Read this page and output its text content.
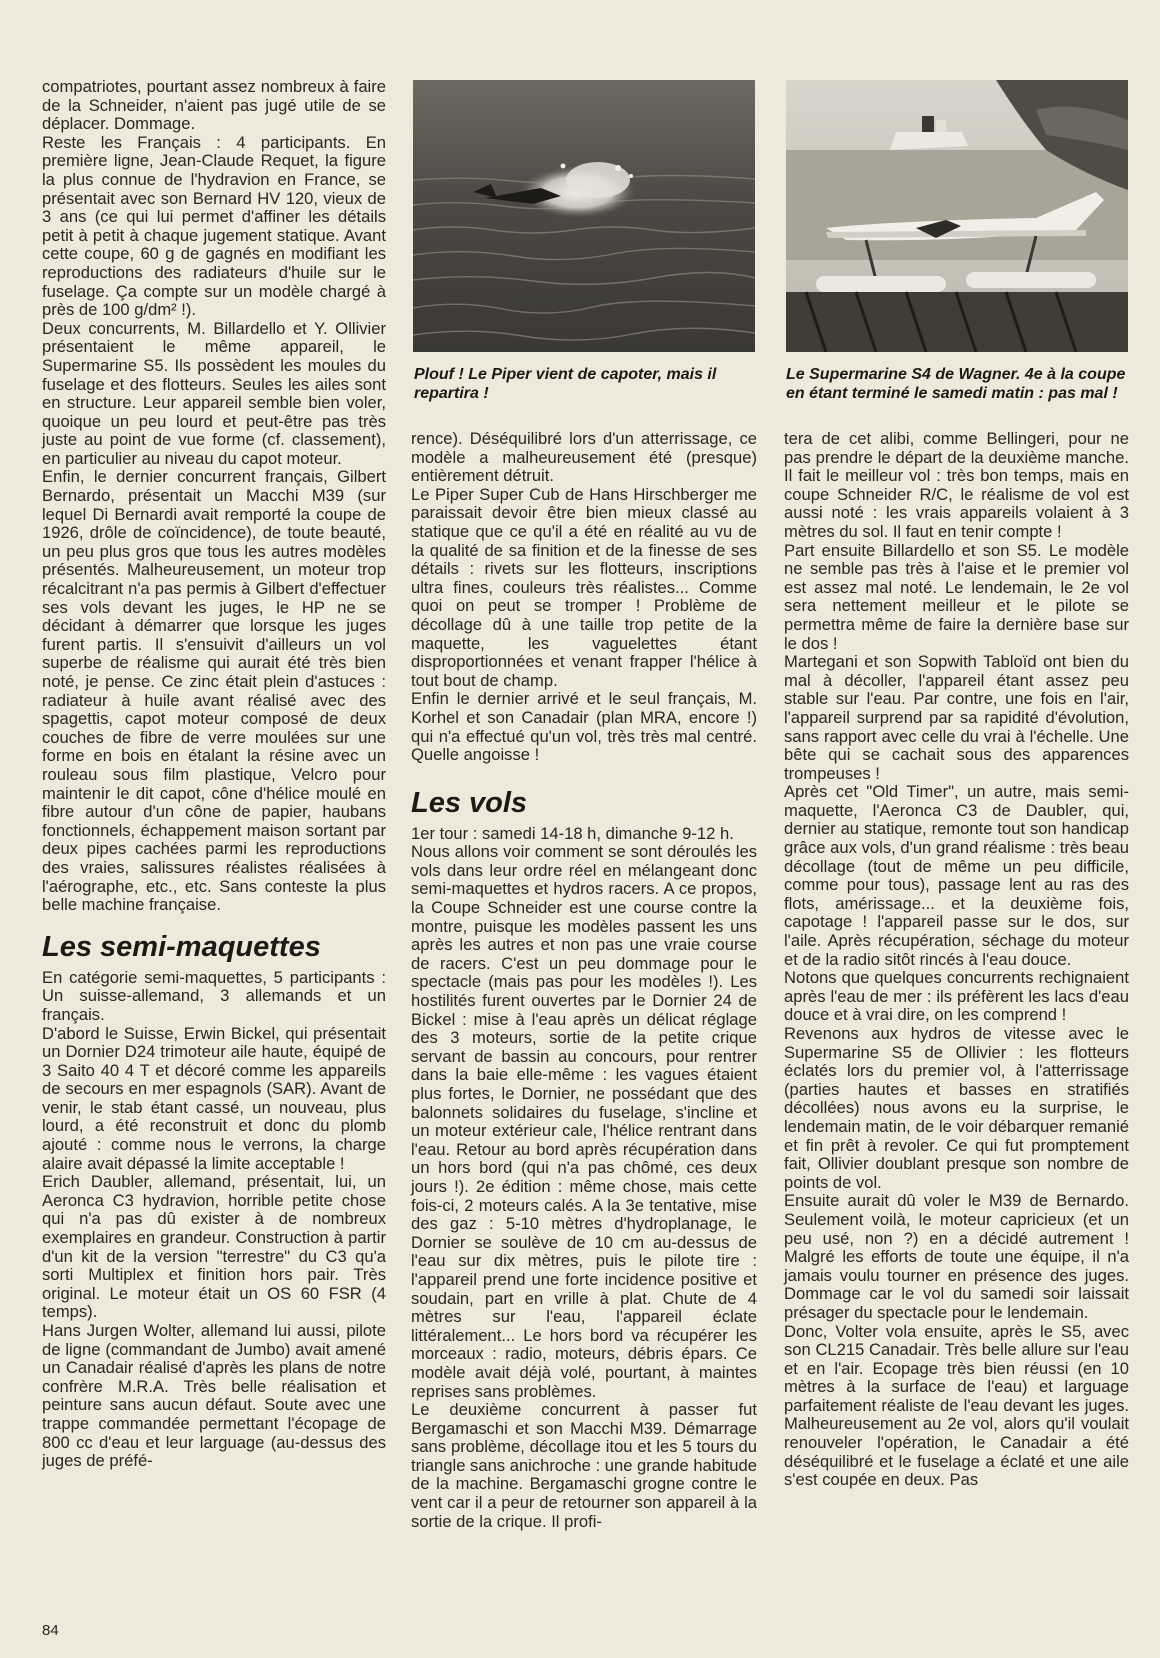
compatriotes, pourtant assez nombreux à faire de la Schneider, n'aient pas jugé utile de se déplacer. Dommage.

Reste les Français : 4 participants. En première ligne, Jean-Claude Requet, la figure la plus connue de l'hydravion en France, se présentait avec son Bernard HV 120, vieux de 3 ans (ce qui lui permet d'affiner les détails petit à petit à chaque jugement statique. Avant cette coupe, 60 g de gagnés en modifiant les reproductions des radiateurs d'huile sur le fuselage. Ça compte sur un modèle chargé à près de 100 g/dm² !).

Deux concurrents, M. Billardello et Y. Ollivier présentaient le même appareil, le Supermarine S5. Ils possèdent les moules du fuselage et des flotteurs. Seules les ailes sont en structure. Leur appareil semble bien voler, quoique un peu lourd et peut-être pas très juste au point de vue forme (cf. classement), en particulier au niveau du capot moteur.

Enfin, le dernier concurrent français, Gilbert Bernardo, présentait un Macchi M39 (sur lequel Di Bernardi avait remporté la coupe de 1926, drôle de coïncidence), de toute beauté, un peu plus gros que tous les autres modèles présentés. Malheureusement, un moteur trop récalcitrant n'a pas permis à Gilbert d'effectuer ses vols devant les juges, le HP ne se décidant à démarrer que lorsque les juges furent partis. Il s'ensuivit d'ailleurs un vol superbe de réalisme qui aurait été très bien noté, je pense. Ce zinc était plein d'astuces : radiateur à huile avant réalisé avec des spagettis, capot moteur composé de deux couches de fibre de verre moulées sur une forme en bois en étalant la résine avec un rouleau sous film plastique, Velcro pour maintenir le dit capot, cône d'hélice moulé en fibre autour d'un cône de papier, haubans fonctionnels, échappement maison sortant par deux pipes cachées parmi les reproductions des vraies, salissures réalistes réalisées à l'aérographe, etc., etc. Sans conteste la plus belle machine française.

Les semi-maquettes

En catégorie semi-maquettes, 5 participants : Un suisse-allemand, 3 allemands et un français.

D'abord le Suisse, Erwin Bickel, qui présentait un Dornier D24 trimoteur aile haute, équipé de 3 Saito 40 4 T et décoré comme les appareils de secours en mer espagnols (SAR). Avant de venir, le stab étant cassé, un nouveau, plus lourd, a été reconstruit et donc du plomb ajouté : comme nous le verrons, la charge alaire avait dépassé la limite acceptable !

Erich Daubler, allemand, présentait, lui, un Aeronca C3 hydravion, horrible petite chose qui n'a pas dû exister à de nombreux exemplaires en grandeur. Construction à partir d'un kit de la version "terrestre" du C3 qu'a sorti Multiplex et finition hors pair. Très original. Le moteur était un OS 60 FSR (4 temps).

Hans Jurgen Wolter, allemand lui aussi, pilote de ligne (commandant de Jumbo) avait amené un Canadair réalisé d'après les plans de notre confrère M.R.A. Très belle réalisation et peinture sans aucun défaut. Soute avec une trappe commandée permettant l'écopage de 800 cc d'eau et leur larguage (au-dessus des juges de préfé-

Plouf ! Le Piper vient de capoter, mais il repartira !
Le Supermarine S4 de Wagner. 4e à la coupe en étant terminé le samedi matin : pas mal !

rence). Déséquilibré lors d'un atterrissage, ce modèle a malheureusement été (presque) entièrement détruit.

Le Piper Super Cub de Hans Hirschberger me paraissait devoir être bien mieux classé au statique que ce qu'il a été en réalité au vu de la qualité de sa finition et de la finesse de ses détails : rivets sur les flotteurs, inscriptions ultra fines, couleurs très réalistes... Comme quoi on peut se tromper ! Problème de décollage dû à une taille trop petite de la maquette, les vaguelettes étant disproportionnées et venant frapper l'hélice à tout bout de champ.

Enfin le dernier arrivé et le seul français, M. Korhel et son Canadair (plan MRA, encore !) qui n'a effectué qu'un vol, très très mal centré. Quelle angoisse !

Les vols

1er tour : samedi 14-18 h, dimanche 9-12 h.

Nous allons voir comment se sont déroulés les vols dans leur ordre réel en mélangeant donc semi-maquettes et hydros racers. A ce propos, la Coupe Schneider est une course contre la montre, puisque les modèles passent les uns après les autres et non pas une vraie course de racers. C'est un peu dommage pour le spectacle (mais pas pour les modèles !). Les hostilités furent ouvertes par le Dornier 24 de Bickel : mise à l'eau après un délicat réglage des 3 moteurs, sortie de la petite crique servant de bassin au concours, pour rentrer dans la baie elle-même : les vagues étaient plus fortes, le Dornier, ne possédant que des balonnets solidaires du fuselage, s'incline et un moteur extérieur cale, l'hélice rentrant dans l'eau. Retour au bord après récupération dans un hors bord (qui n'a pas chômé, ces deux jours !). 2e édition : même chose, mais cette fois-ci, 2 moteurs calés. A la 3e tentative, mise des gaz : 5-10 mètres d'hydroplanage, le Dornier se soulève de 10 cm au-dessus de l'eau sur dix mètres, puis le pilote tire : l'appareil prend une forte incidence positive et soudain, part en vrille à plat. Chute de 4 mètres sur l'eau, l'appareil éclate littéralement... Le hors bord va récupérer les morceaux : radio, moteurs, débris épars. Ce modèle avait déjà volé, pourtant, à maintes reprises sans problèmes.

Le deuxième concurrent à passer fut Bergamaschi et son Macchi M39. Démarrage sans problème, décollage itou et les 5 tours du triangle sans anichroche : une grande habitude de la machine. Bergamaschi grogne contre le vent car il a peur de retourner son appareil à la sortie de la crique. Il profi-

tera de cet alibi, comme Bellingeri, pour ne pas prendre le départ de la deuxième manche. Il fait le meilleur vol : très bon temps, mais en coupe Schneider R/C, le réalisme de vol est aussi noté : les vrais appareils volaient à 3 mètres du sol. Il faut en tenir compte !

Part ensuite Billardello et son S5. Le modèle ne semble pas très à l'aise et le premier vol est assez mal noté. Le lendemain, le 2e vol sera nettement meilleur et le pilote se permettra même de faire la dernière base sur le dos !

Martegani et son Sopwith Tabloïd ont bien du mal à décoller, l'appareil étant assez peu stable sur l'eau. Par contre, une fois en l'air, l'appareil surprend par sa rapidité d'évolution, sans rapport avec celle du vrai à l'échelle. Une bête qui se cachait sous des apparences trompeuses !

Après cet "Old Timer", un autre, mais semi-maquette, l'Aeronca C3 de Daubler, qui, dernier au statique, remonte tout son handicap grâce aux vols, d'un grand réalisme : très beau décollage (tout de même un peu difficile, comme pour tous), passage lent au ras des flots, amérissage... et la deuxième fois, capotage ! l'appareil passe sur le dos, sur l'aile. Après récupération, séchage du moteur et de la radio sitôt rincés à l'eau douce.

Notons que quelques concurrents rechignaient après l'eau de mer : ils préfèrent les lacs d'eau douce et à vrai dire, on les comprend !

Revenons aux hydros de vitesse avec le Supermarine S5 de Ollivier : les flotteurs éclatés lors du premier vol, à l'atterrissage (parties hautes et basses en stratifiés décollées) nous avons eu la surprise, le lendemain matin, de le voir débarquer remanié et fin prêt à revoler. Ce qui fut promptement fait, Ollivier doublant presque son nombre de points de vol.

Ensuite aurait dû voler le M39 de Bernardo. Seulement voilà, le moteur capricieux (et un peu usé, non ?) en a décidé autrement ! Malgré les efforts de toute une équipe, il n'a jamais voulu tourner en présence des juges. Dommage car le vol du samedi soir laissait présager du spectacle pour le lendemain.

Donc, Volter vola ensuite, après le S5, avec son CL215 Canadair. Très belle allure sur l'eau et en l'air. Ecopage très bien réussi (en 10 mètres à la surface de l'eau) et larguage parfaitement réaliste de l'eau devant les juges. Malheureusement au 2e vol, alors qu'il voulait renouveler l'opération, le Canadair a été déséquilibré et le fuselage a éclaté et une aile s'est coupée en deux. Pas

84
